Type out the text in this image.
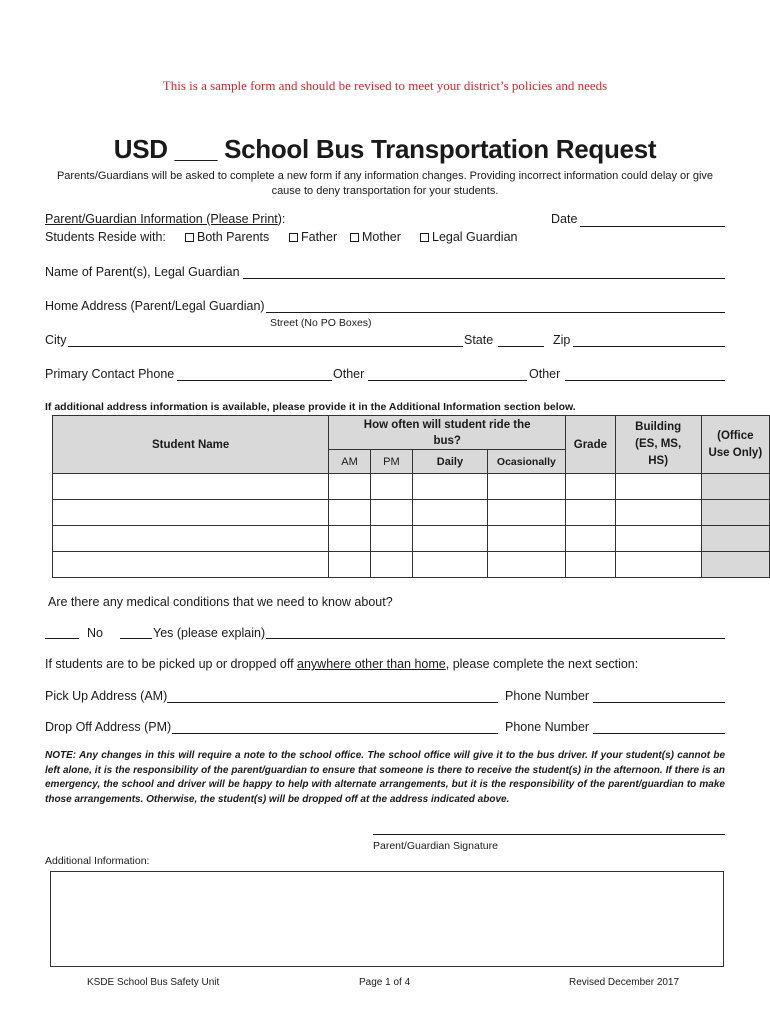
This is a sample form and should be revised to meet your district’s policies and needs
USD ___ School Bus Transportation Request
Parents/Guardians will be asked to complete a new form if any information changes. Providing incorrect information could delay or give cause to deny transportation for your students.
Parent/Guardian Information (Please Print):	Date
Students Reside with:	Both Parents	Father	Mother	Legal Guardian
Name of Parent(s), Legal Guardian
Home Address (Parent/Legal Guardian)
Street (No PO Boxes)
City	State	Zip
Primary Contact Phone	Other	Other
If additional address information is available, please provide it in the Additional Information section below.
Student Name	How often will student ride the bus?				Grade	Building (ES, MS, HS)	(Office Use Only)
	AM	PM	Daily	Ocasionally			

Are there any medical conditions that we need to know about?
No	Yes (please explain)
If students are to be picked up or dropped off anywhere other than home, please complete the next section:
Pick Up Address (AM)	Phone Number
Drop Off Address (PM)	Phone Number
NOTE: Any changes in this will require a note to the school office. The school office will give it to the bus driver. If your student(s) cannot be left alone, it is the responsibility of the parent/guardian to ensure that someone is there to receive the student(s) in the afternoon. If there is an emergency, the school and driver will be happy to help with alternate arrangements, but it is the responsibility of the parent/guardian to make those arrangements. Otherwise, the student(s) will be dropped off at the address indicated above.
Parent/Guardian Signature
Additional Information:
KSDE School Bus Safety Unit	Page 1 of 4	Revised December 2017
